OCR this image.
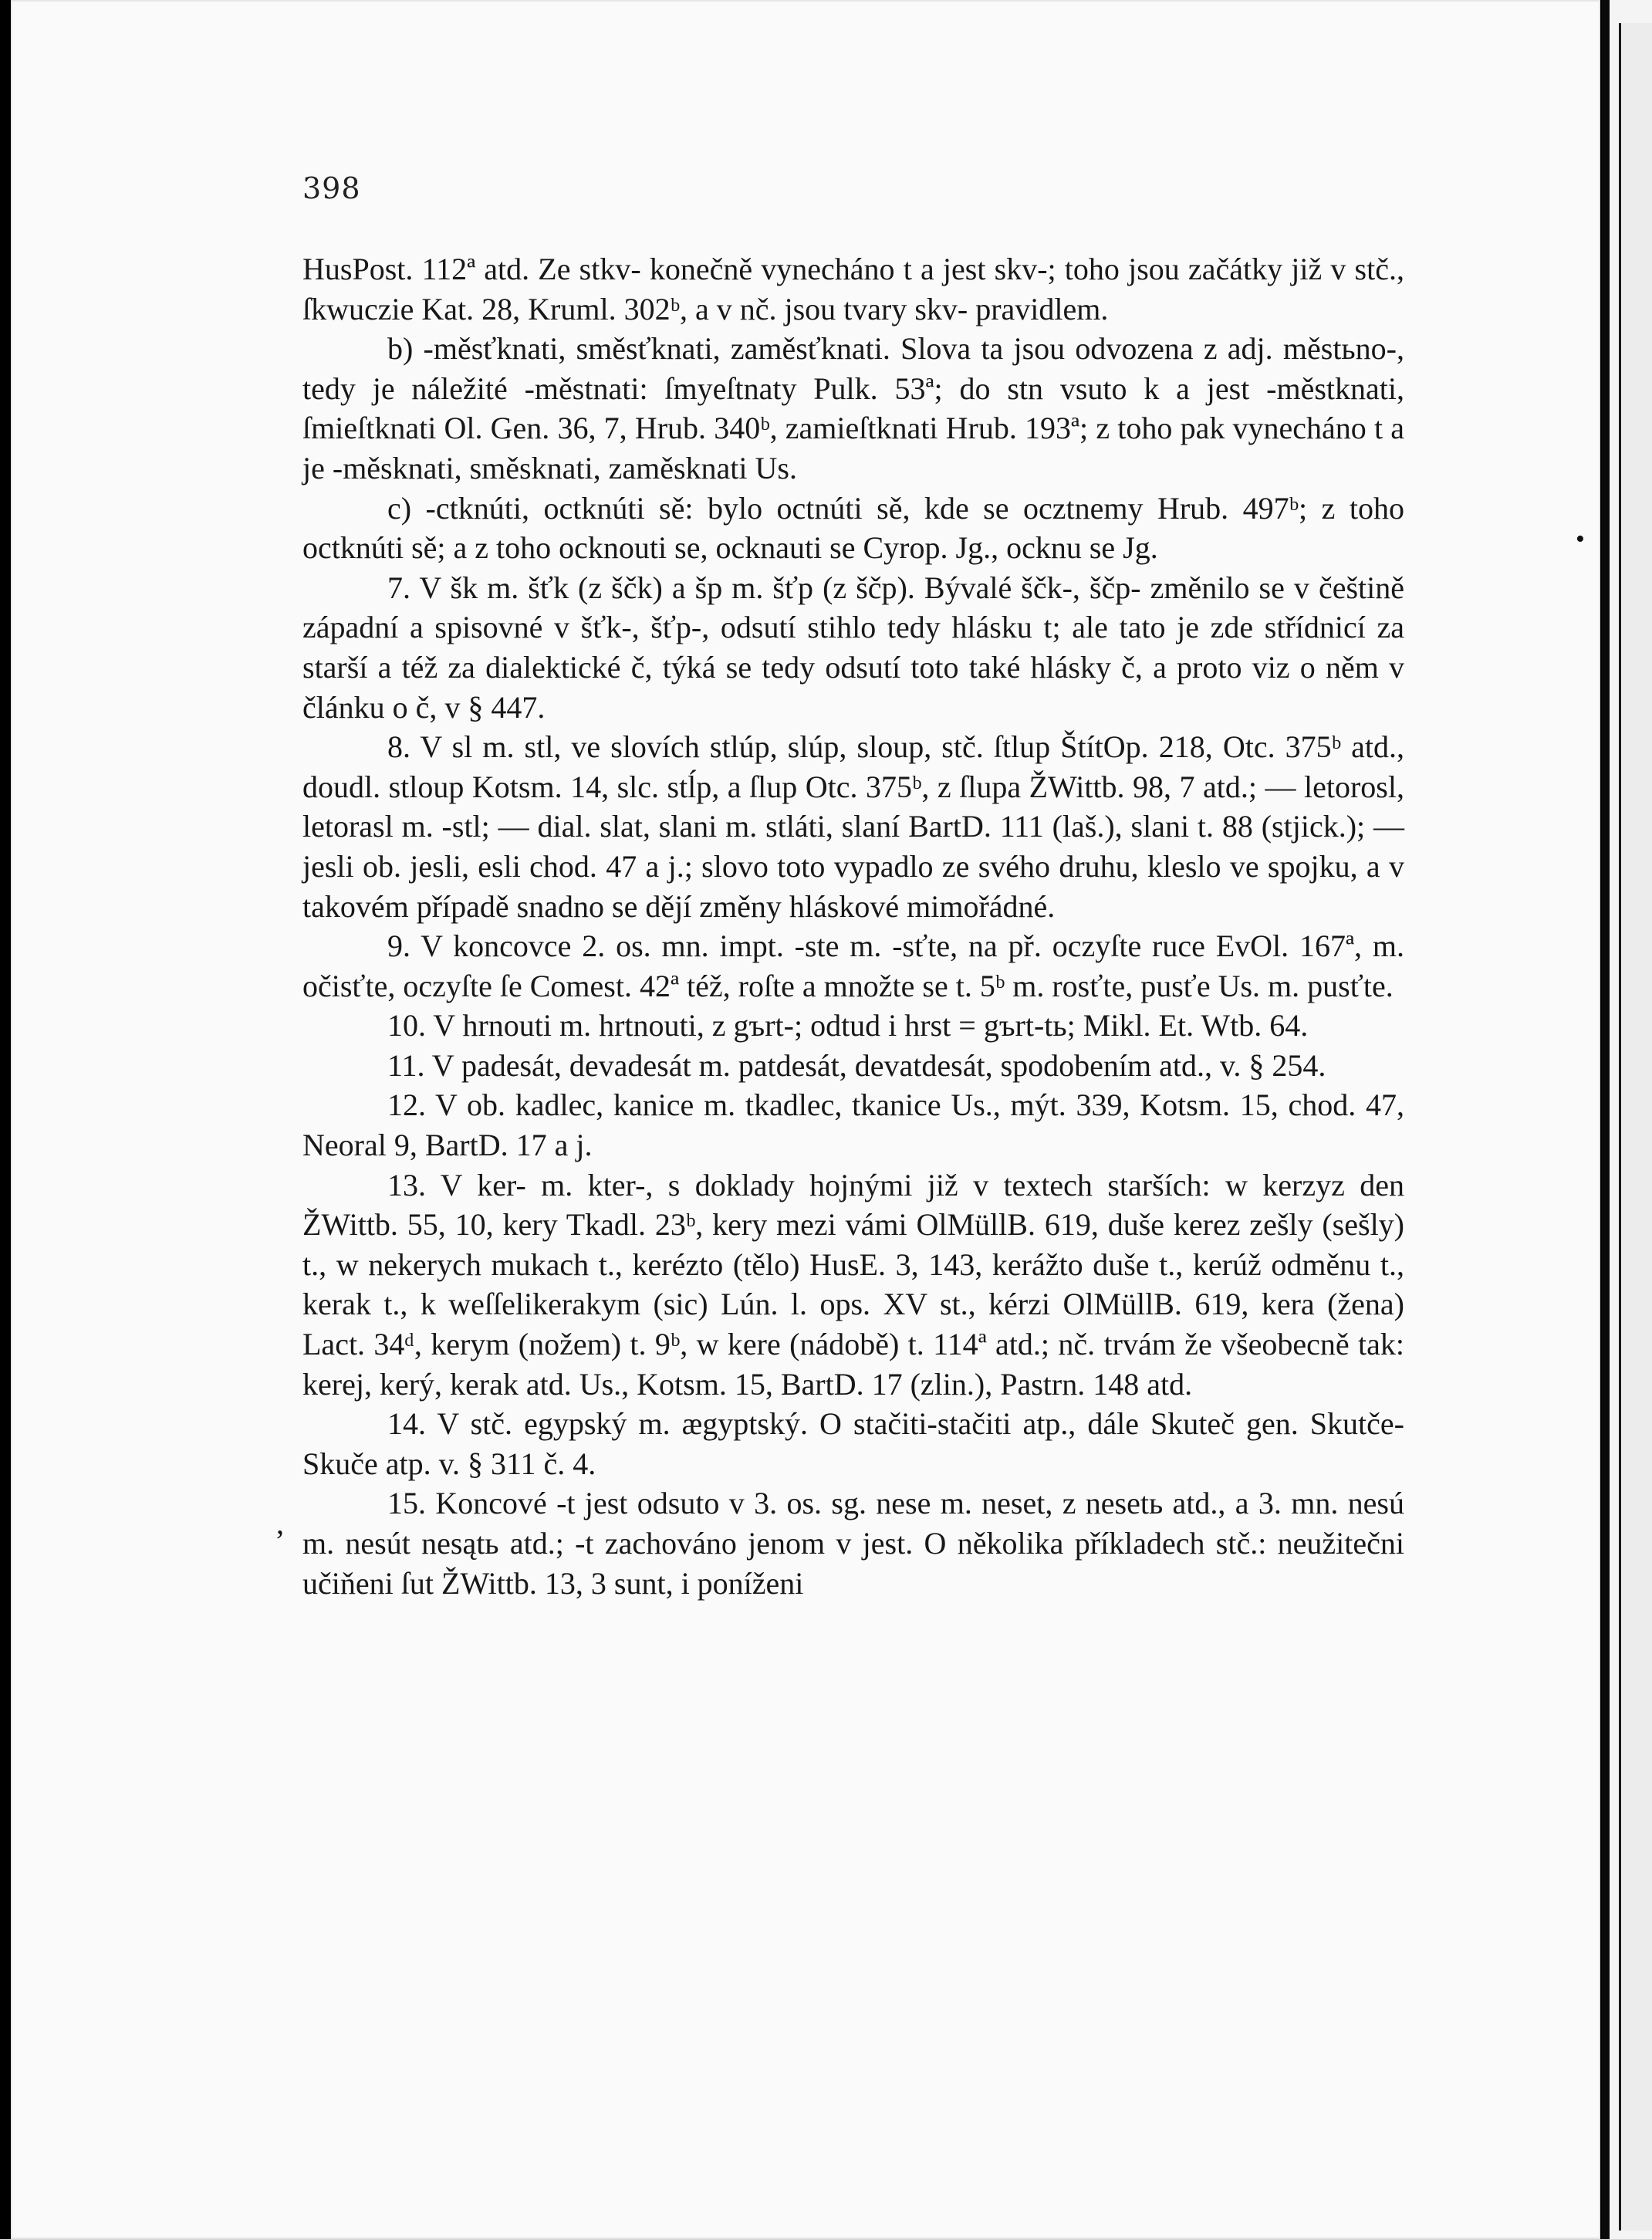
398

HusPost. 112ª atd. Ze stkv- konečně vynecháno t a jest skv-; toho jsou začátky již v stč., ſkwuczie Kat. 28, Kruml. 302ᵇ, a v nč. jsou tvary skv- pravidlem.

b) -měsťknati, směsťknati, zaměsťknati. Slova ta jsou odvozena z adj. městьno-, tedy je náležité -městnati: ſmyeſtnaty Pulk. 53ª; do stn vsuto k a jest -městknati, ſmieſtknati Ol. Gen. 36, 7, Hrub. 340ᵇ, zamieſtknati Hrub. 193ª; z toho pak vynecháno t a je -měsknati, směsknati, zaměsknati Us.

c) -ctknúti, octknúti sě: bylo octnúti sě, kde se ocztnemy Hrub. 497ᵇ; z toho octknúti sě; a z toho ocknouti se, ocknauti se Cyrop. Jg., ocknu se Jg.

7. V šk m. šťk (z ščk) a šp m. šťp (z ščp). Bývalé ščk-, ščp- změnilo se v češtině západní a spisovné v šťk-, šťp-, odsutí stihlo tedy hlásku t; ale tato je zde střídnicí za starší a též za dialektické č, týká se tedy odsutí toto také hlásky č, a proto viz o něm v článku o č, v § 447.

8. V sl m. stl, ve slovích stlúp, slúp, sloup, stč. ſtlup ŠtítOp. 218, Otc. 375ᵇ atd., doudl. stloup Kotsm. 14, slc. stĺp, a ſlup Otc. 375ᵇ, z ſlupa ŽWittb. 98, 7 atd.; — letorosl, letorasl m. -stl; — dial. slat, slani m. stláti, slaní BartD. 111 (laš.), slani t. 88 (stjick.); — jesli ob. jesli, esli chod. 47 a j.; slovo toto vypadlo ze svého druhu, kleslo ve spojku, a v takovém případě snadno se dějí změny hláskové mimořádné.

9. V koncovce 2. os. mn. impt. -ste m. -sťte, na př. oczyſte ruce EvOl. 167ª, m. očisťte, oczyſte ſe Comest. 42ª též, roſte a množte se t. 5ᵇ m. rosťte, pusťe Us. m. pusťte.

10. V hrnouti m. hrtnouti, z gъrt-; odtud i hrst = gъrt-tь; Mikl. Et. Wtb. 64.

11. V padesát, devadesát m. patdesát, devatdesát, spodobením atd., v. § 254.

12. V ob. kadlec, kanice m. tkadlec, tkanice Us., mýt. 339, Kotsm. 15, chod. 47, Neoral 9, BartD. 17 a j.

13. V ker- m. kter-, s doklady hojnými již v textech starších: w kerzyz den ŽWittb. 55, 10, kery Tkadl. 23ᵇ, kery mezi vámi OlMüllB. 619, duše kerez zešly (sešly) t., w nekerych mukach t., kerézto (tělo) HusE. 3, 143, kerážto duše t., kerúž odměnu t., kerak t., k weſſelikerakym (sic) Lún. l. ops. XV st., kérzi OlMüllB. 619, kera (žena) Lact. 34ᵈ, kerym (nožem) t. 9ᵇ, w kere (nádobě) t. 114ª atd.; nč. trvám že všeobecně tak: kerej, kerý, kerak atd. Us., Kotsm. 15, BartD. 17 (zlin.), Pastrn. 148 atd.

14. V stč. egypský m. ægyptský. O stačiti-stačiti atp., dále Skuteč gen. Skutče-Skuče atp. v. § 311 č. 4.

15. Koncové -t jest odsuto v 3. os. sg. nese m. neset, z nesetь atd., a 3. mn. nesú m. nesút nesątь atd.; -t zachováno jenom v jest. O několika příkladech stč.: neužitečni učiňeni ſut ŽWittb. 13, 3 sunt, i poníženi

•
,
